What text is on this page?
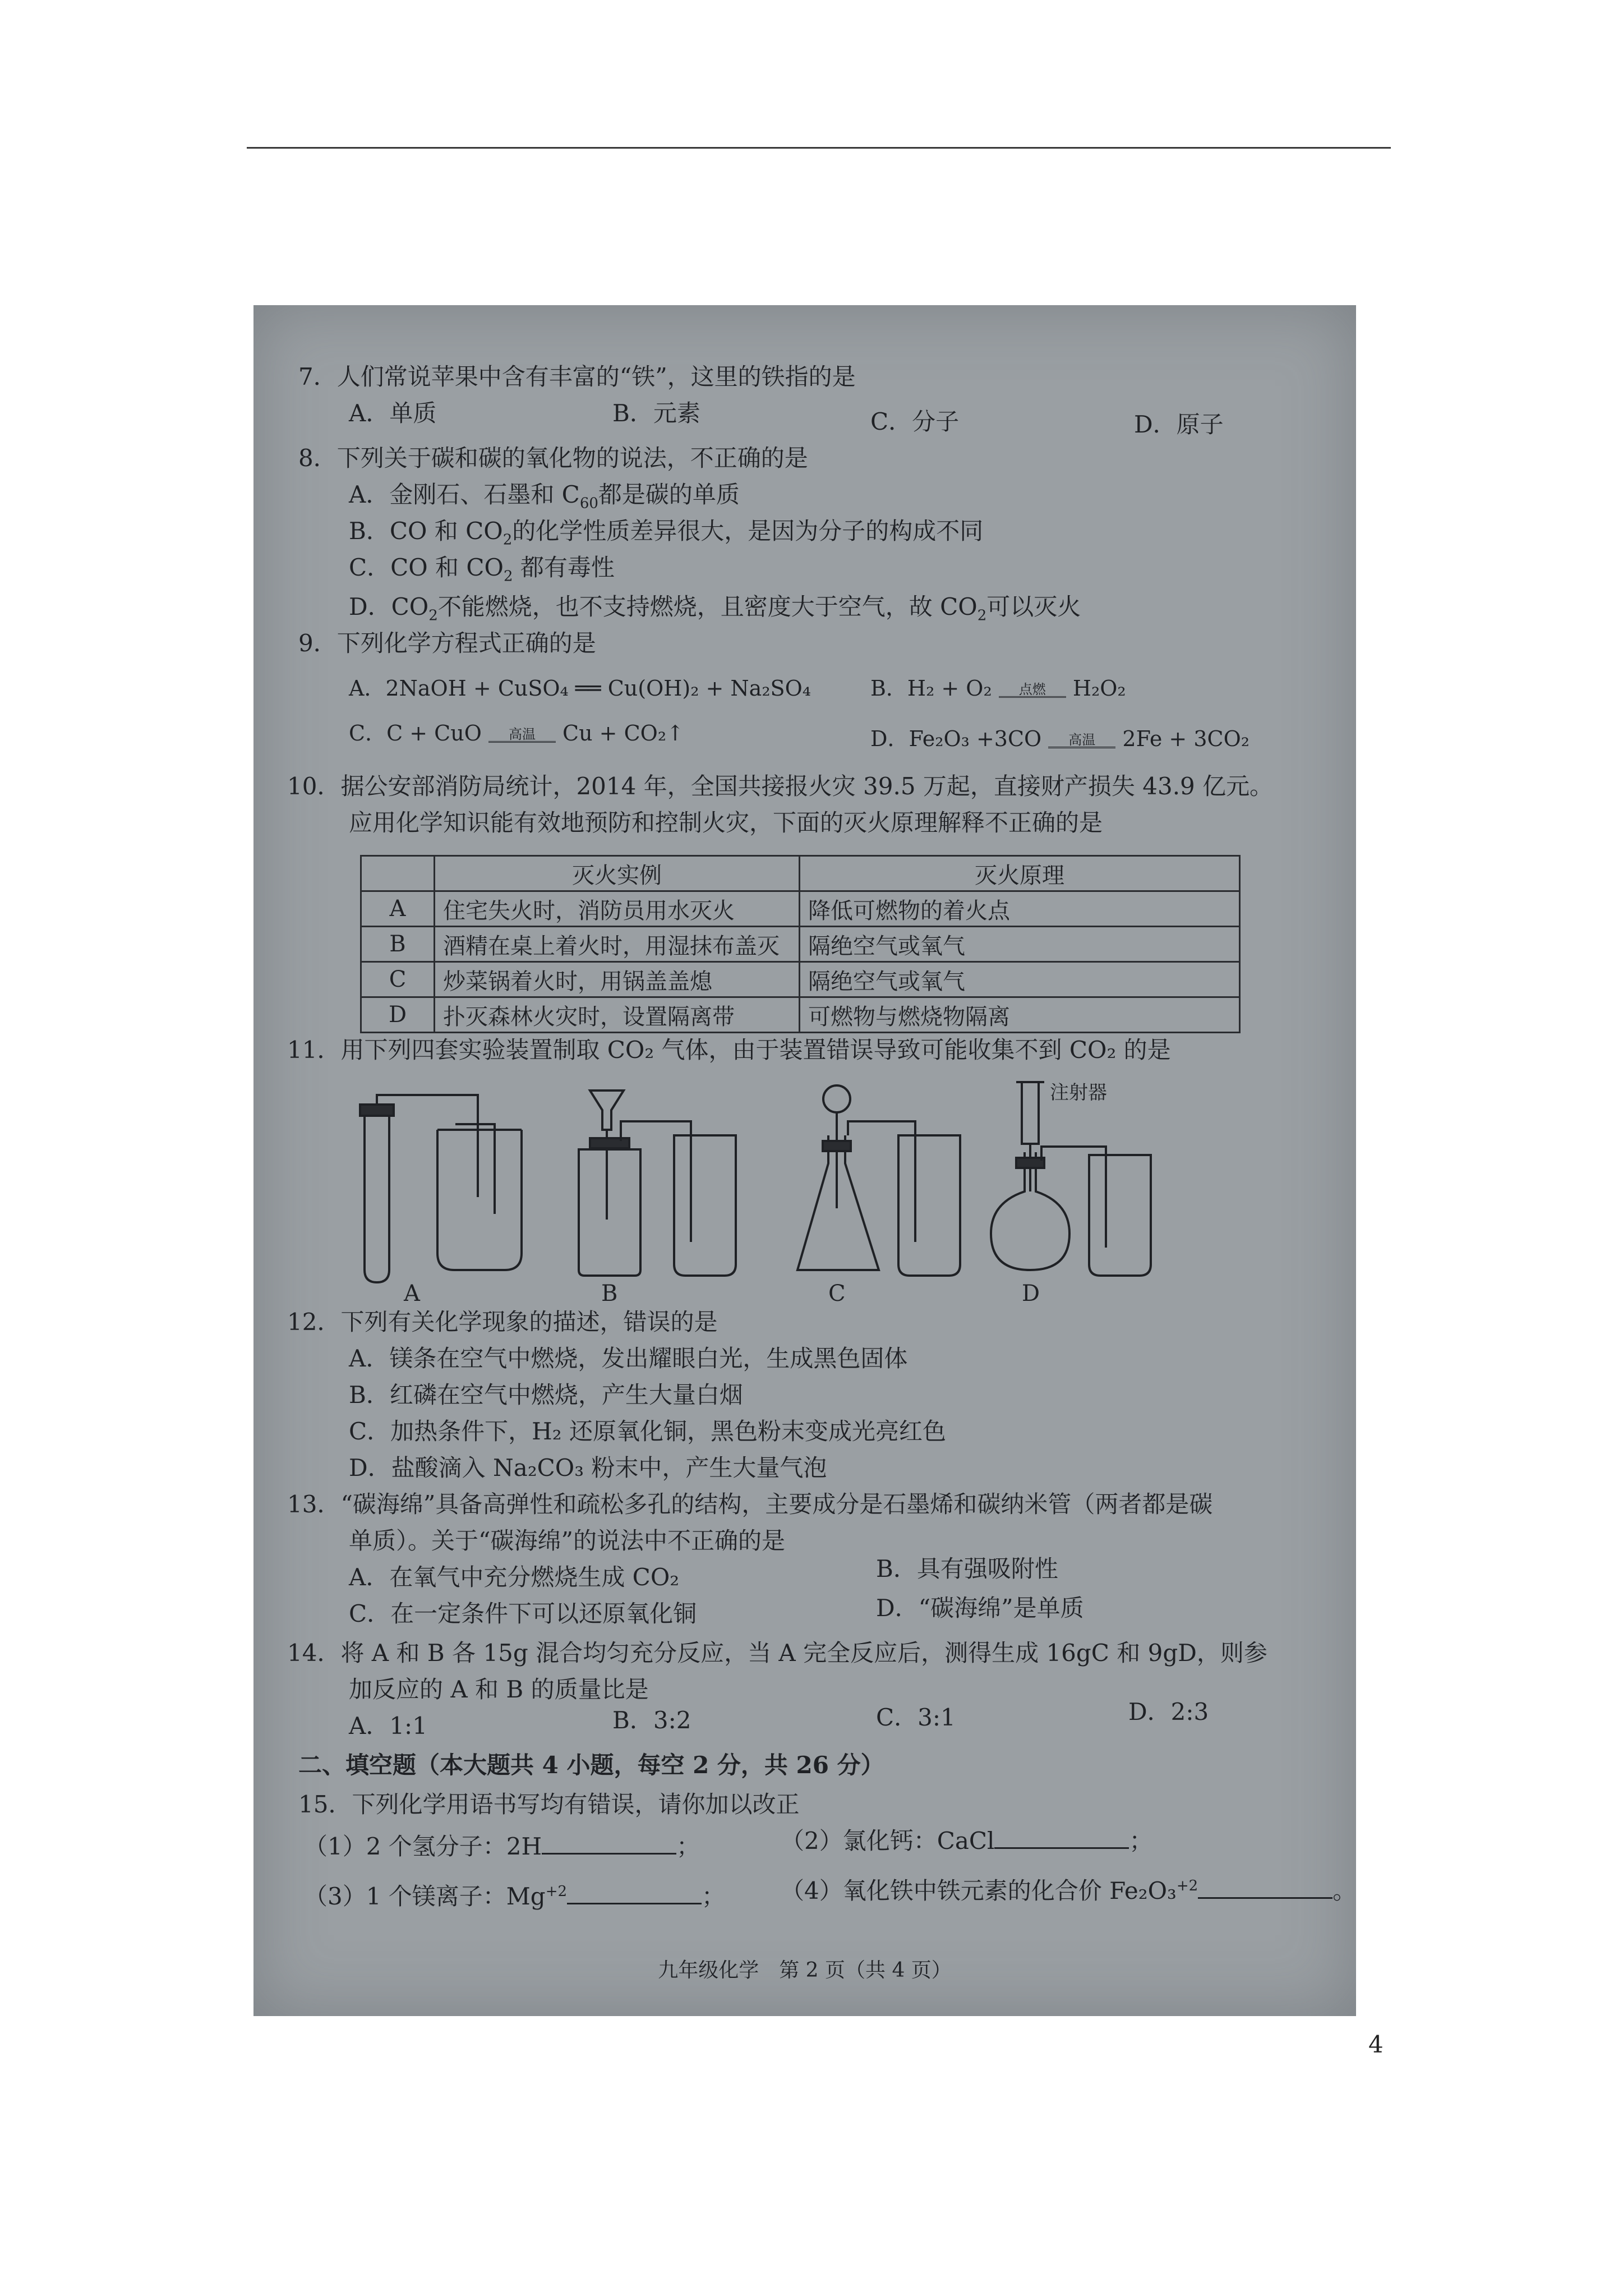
7．人们常说苹果中含有丰富的“铁”，这里的铁指的是
A．单质	B．元素	C．分子	D．原子
8．下列关于碳和碳的氧化物的说法，不正确的是
A．金刚石、石墨和 $C_{60}$都是碳的单质
B．CO 和 $CO_2$的化学性质差异很大，是因为分子的构成不同
C．CO 和 $CO_2$ 都有毒性
D．$CO_2$不能燃烧，也不支持燃烧，且密度大于空气，故 $CO_2$可以灭火
9．下列化学方程式正确的是
A．2NaOH + CuSO₄ ══ Cu(OH)₂ + Na₂SO₄	B．H₂ + O₂	点燃	H₂O₂
C．C + CuO	高温	Cu + CO₂↑	D．Fe₂O₃ +3CO	高温	2Fe + 3CO₂
10．据公安部消防局统计，2014 年，全国共接报火灾 39.5 万起，直接财产损失 43.9 亿元。
应用化学知识能有效地预防和控制火灾，下面的灭火原理解释不正确的是
	灭火实例	灭火原理
A	住宅失火时，消防员用水灭火	降低可燃物的着火点
B	酒精在桌上着火时，用湿抹布盖灭	隔绝空气或氧气
C	炒菜锅着火时，用锅盖盖熄	隔绝空气或氧气
D	扑灭森林火灾时，设置隔离带	可燃物与燃烧物隔离
11．用下列四套实验装置制取 CO₂ 气体，由于装置错误导致可能收集不到 CO₂ 的是
A	B	C
注射器
D
12．下列有关化学现象的描述，错误的是
A．镁条在空气中燃烧，发出耀眼白光，生成黑色固体
B．红磷在空气中燃烧，产生大量白烟
C．加热条件下，H₂ 还原氧化铜，黑色粉末变成光亮红色
D．盐酸滴入 Na₂CO₃ 粉末中，产生大量气泡
13．“碳海绵”具备高弹性和疏松多孔的结构，主要成分是石墨烯和碳纳米管（两者都是碳
单质）。关于“碳海绵”的说法中不正确的是
A．在氧气中充分燃烧生成 CO₂	B．具有强吸附性
C．在一定条件下可以还原氧化铜	D．“碳海绵”是单质
14．将 A 和 B 各 15g 混合均匀充分反应，当 A 完全反应后，测得生成 16gC 和 9gD，则参
加反应的 A 和 B 的质量比是
A．1:1	B．3:2	C．3:1	D．2:3
二、填空题（本大题共 4 小题，每空 2 分，共 26 分）
15．下列化学用语书写均有错误，请你加以改正
（1）2 个氢分子：2H	；	（2）氯化钙：CaCl	；
（3）1 个镁离子：$Mg^{+2}$	； （4）氧化铁中铁元素的化合价 Fe₂O₃$^{+2}$	。
九年级化学　第 2 页（共 4 页）
4
